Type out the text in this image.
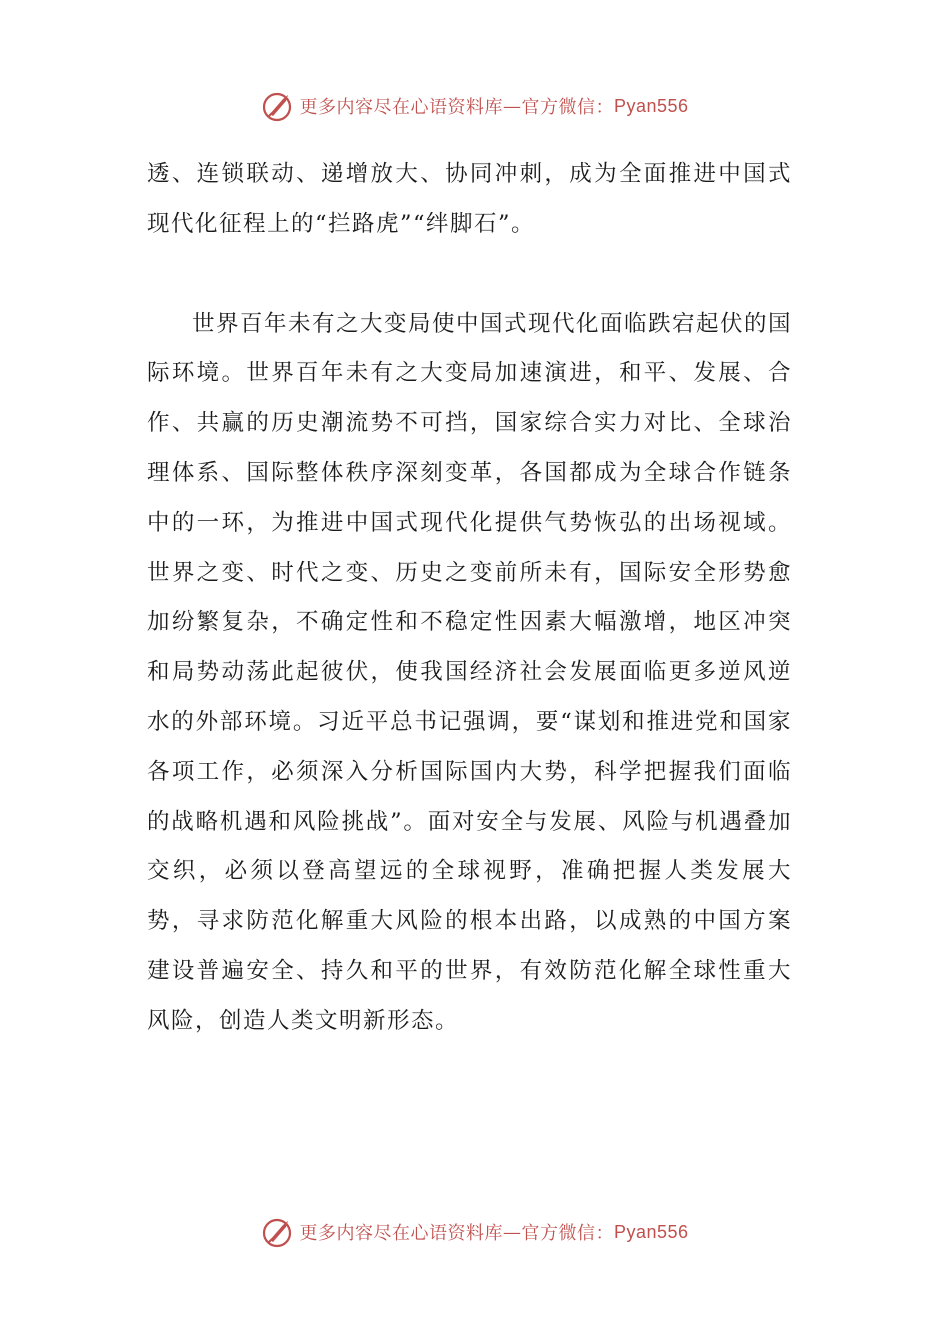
更多内容尽在心语资料库 — 官方微信： Pyan556

透、连锁联动、递增放大、协同冲刺，成为全面推进中国式现代化征程上的“拦路虎”“绊脚石”。

世界百年未有之大变局使中国式现代化面临跌宕起伏的国际环境。世界百年未有之大变局加速演进，和平、发展、合作、共赢的历史潮流势不可挡，国家综合实力对比、全球治理体系、国际整体秩序深刻变革，各国都成为全球合作链条中的一环，为推进中国式现代化提供气势恢弘的出场视域。世界之变、时代之变、历史之变前所未有，国际安全形势愈加纷繁复杂，不确定性和不稳定性因素大幅激增，地区冲突和局势动荡此起彼伏，使我国经济社会发展面临更多逆风逆水的外部环境。习近平总书记强调，要“谋划和推进党和国家各项工作，必须深入分析国际国内大势，科学把握我们面临的战略机遇和风险挑战”。面对安全与发展、风险与机遇叠加交织，必须以登高望远的全球视野，准确把握人类发展大势，寻求防范化解重大风险的根本出路，以成熟的中国方案建设普遍安全、持久和平的世界，有效防范化解全球性重大风险，创造人类文明新形态。

更多内容尽在心语资料库 — 官方微信： Pyan556
